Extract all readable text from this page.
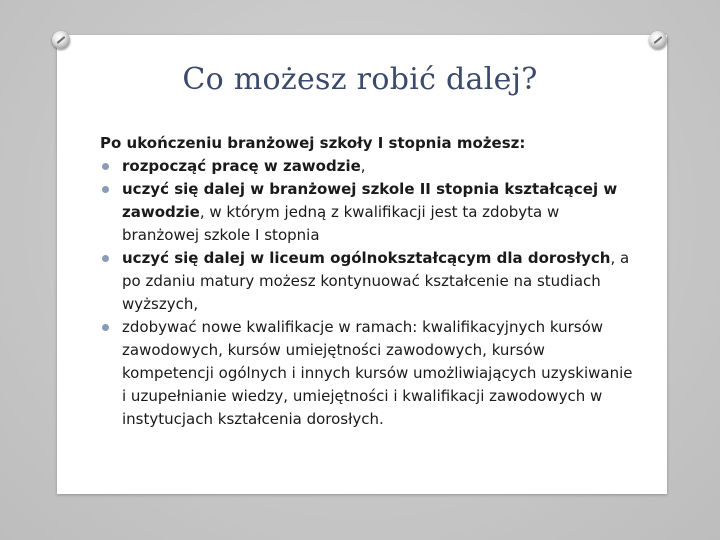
Co możesz robić dalej?
Po ukończeniu branżowej szkoły I stopnia możesz:
rozpocząć pracę w zawodzie,
uczyć się dalej w branżowej szkole II stopnia kształcącej w zawodzie, w którym jedną z kwalifikacji jest ta zdobyta w branżowej szkole I stopnia
uczyć się dalej w liceum ogólnokształcącym dla dorosłych, a po zdaniu matury możesz kontynuować kształcenie na studiach wyższych,
zdobywać nowe kwalifikacje w ramach: kwalifikacyjnych kursów zawodowych, kursów umiejętności zawodowych, kursów kompetencji ogólnych i innych kursów umożliwiających uzyskiwanie i uzupełnianie wiedzy, umiejętności i kwalifikacji zawodowych w instytucjach kształcenia dorosłych.
